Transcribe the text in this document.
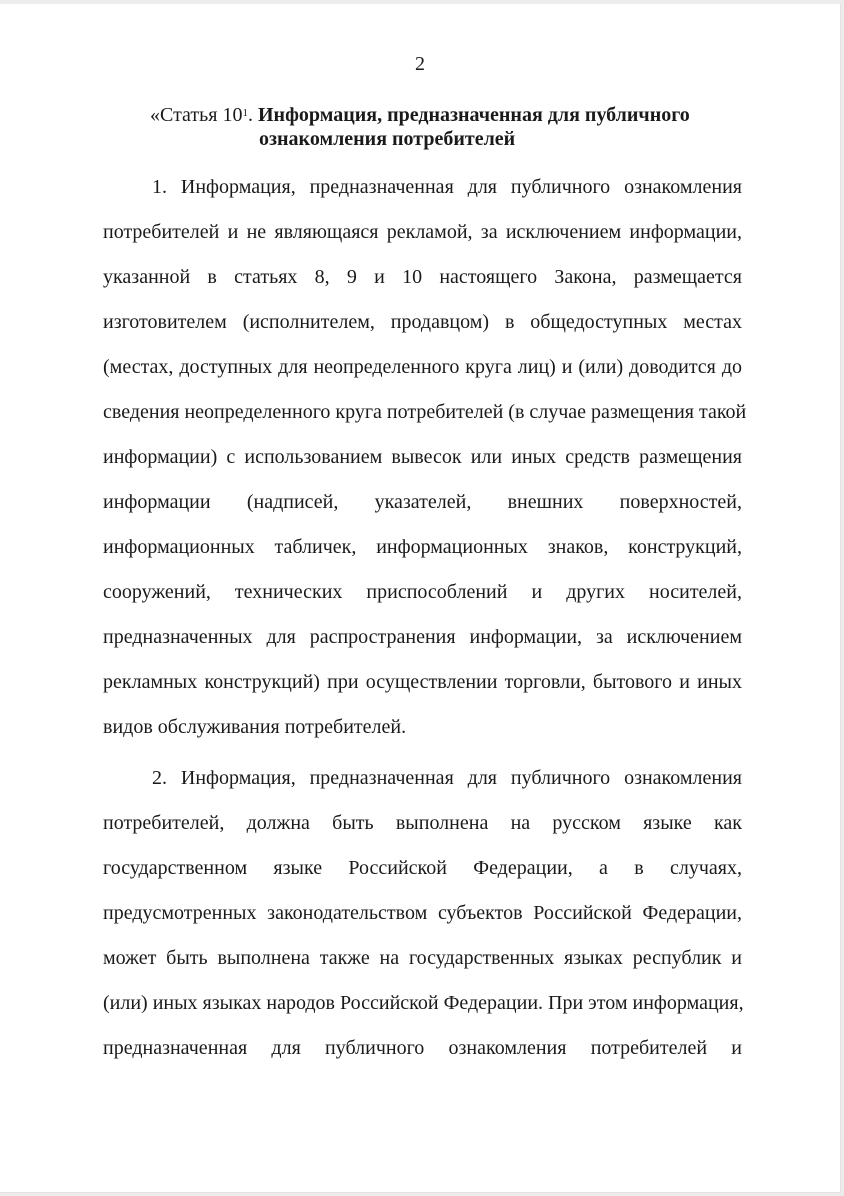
2
«Статья $10^1$. Информация, предназначенная для публичного
ознакомления потребителей
1. Информация, предназначенная для публичного ознакомления
потребителей и не являющаяся рекламой, за исключением информации,
указанной в статьях 8, 9 и 10 настоящего Закона, размещается
изготовителем (исполнителем, продавцом) в общедоступных местах
(местах, доступных для неопределенного круга лиц) и (или) доводится до
сведения неопределенного круга потребителей (в случае размещения такой
информации) с использованием вывесок или иных средств размещения
информации (надписей, указателей, внешних поверхностей,
информационных табличек, информационных знаков, конструкций,
сооружений, технических приспособлений и других носителей,
предназначенных для распространения информации, за исключением
рекламных конструкций) при осуществлении торговли, бытового и иных
видов обслуживания потребителей.
2. Информация, предназначенная для публичного ознакомления
потребителей, должна быть выполнена на русском языке как
государственном языке Российской Федерации, а в случаях,
предусмотренных законодательством субъектов Российской Федерации,
может быть выполнена также на государственных языках республик и
(или) иных языках народов Российской Федерации. При этом информация,
предназначенная для публичного ознакомления потребителей и
